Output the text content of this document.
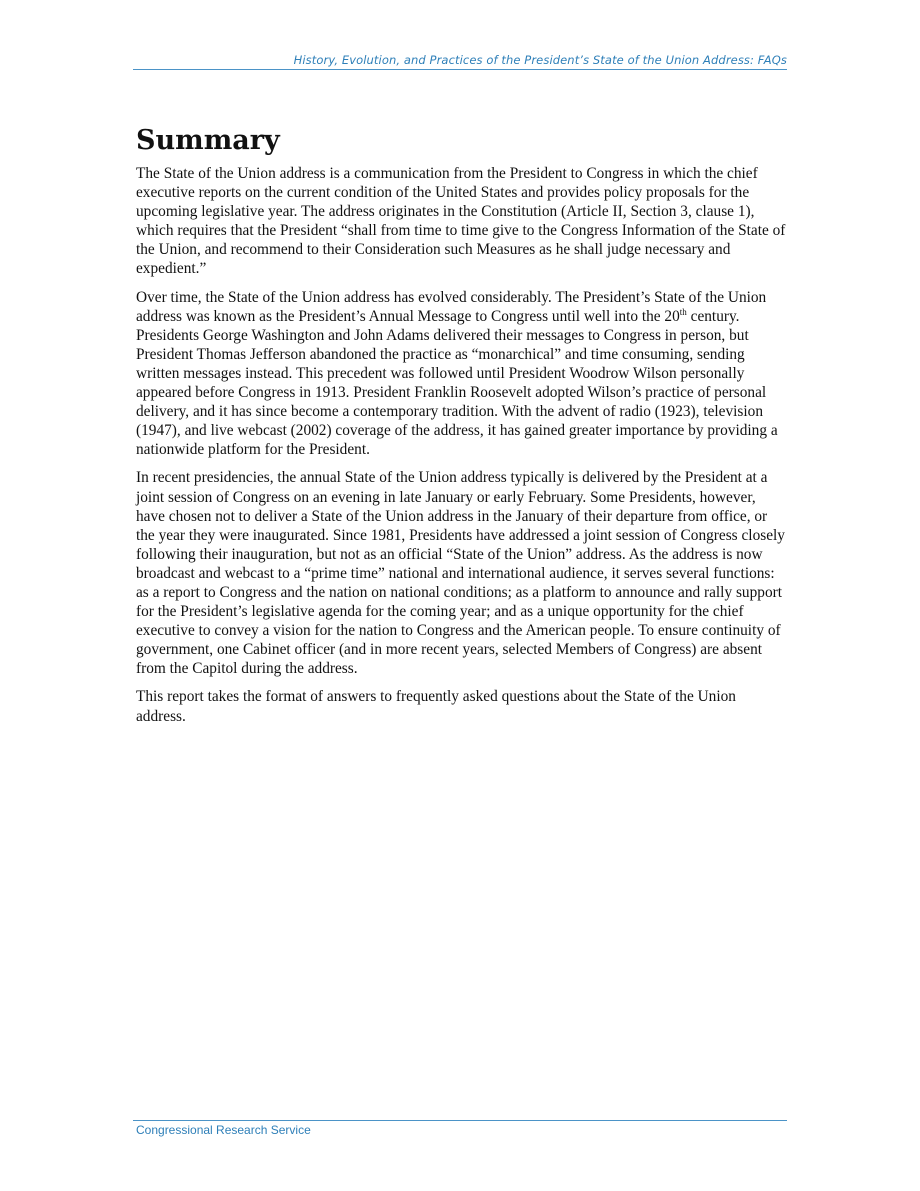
History, Evolution, and Practices of the President’s State of the Union Address: FAQs
Summary

The State of the Union address is a communication from the President to Congress in which the chief executive reports on the current condition of the United States and provides policy proposals for the upcoming legislative year. The address originates in the Constitution (Article II, Section 3, clause 1), which requires that the President “shall from time to time give to the Congress Information of the State of the Union, and recommend to their Consideration such Measures as he shall judge necessary and expedient.”

Over time, the State of the Union address has evolved considerably. The President’s State of the Union address was known as the President’s Annual Message to Congress until well into the 20th century. Presidents George Washington and John Adams delivered their messages to Congress in person, but President Thomas Jefferson abandoned the practice as “monarchical” and time consuming, sending written messages instead. This precedent was followed until President Woodrow Wilson personally appeared before Congress in 1913. President Franklin Roosevelt adopted Wilson’s practice of personal delivery, and it has since become a contemporary tradition. With the advent of radio (1923), television (1947), and live webcast (2002) coverage of the address, it has gained greater importance by providing a nationwide platform for the President.

In recent presidencies, the annual State of the Union address typically is delivered by the President at a joint session of Congress on an evening in late January or early February. Some Presidents, however, have chosen not to deliver a State of the Union address in the January of their departure from office, or the year they were inaugurated. Since 1981, Presidents have addressed a joint session of Congress closely following their inauguration, but not as an official “State of the Union” address. As the address is now broadcast and webcast to a “prime time” national and international audience, it serves several functions: as a report to Congress and the nation on national conditions; as a platform to announce and rally support for the President’s legislative agenda for the coming year; and as a unique opportunity for the chief executive to convey a vision for the nation to Congress and the American people. To ensure continuity of government, one Cabinet officer (and in more recent years, selected Members of Congress) are absent from the Capitol during the address.

This report takes the format of answers to frequently asked questions about the State of the Union address.

Congressional Research Service
